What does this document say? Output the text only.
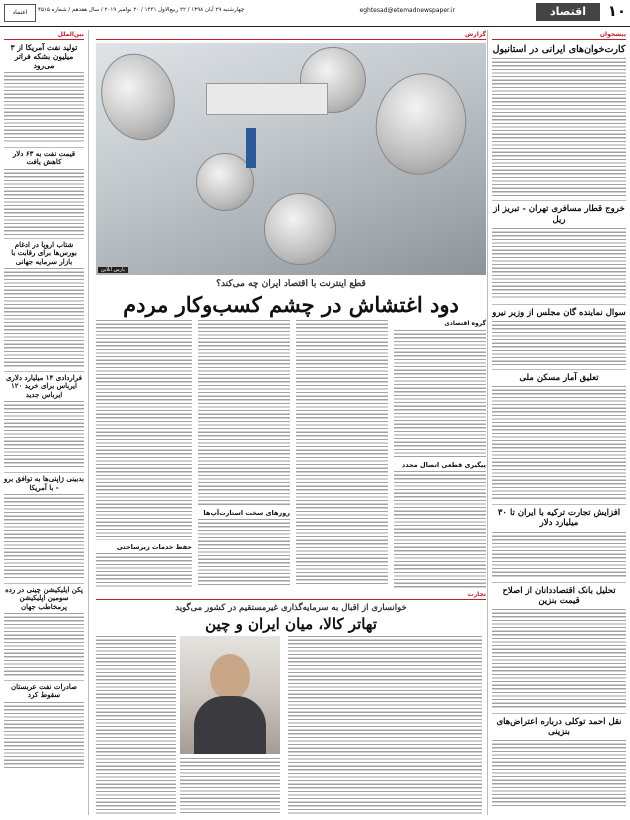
۱۰
اقتصاد
eghtesad@etemadnewspaper.ir
چهارشنبه ۲۹ آبان ۱۳۹۸ / ۲۲ ربیع‌الاول ۱۴۴۱ / ۲۰ نوامبر ۲۰۱۹ / سال هفدهم / شماره ۴۵۱۵
اعتماد
پیشخوان
کارت‌خوان‌های ایرانی در استانبول
خروج قطار مسافری تهران - تبریز از ریل
سوال نماینده گان مجلس از وزیر نیرو
تعلیق آمار مسکن ملی
افزایش تجارت ترکیه با ایران تا ۳۰ میلیارد دلار
تحلیل بانک اقتصاددانان از اصلاح قیمت بنزین
نقل احمد توکلی درباره اعتراض‌های بنزینی
گزارش
پارس آنلاین
قطع اینترنت با اقتصاد ایران چه می‌کند؟
دود اغتشاش در چشم کسب‌وکار مردم
گروه اقتصادی
پیگیری قطعی اتصال مجدد
روزهای سخت استارت‌آپ‌ها
حفظ خدمات زیرساختی
تجارت
خوانساری از اقبال به سرمایه‌گذاری غیرمستقیم در کشور می‌گوید
تهاتر کالا، میان ایران و چین
بین‌الملل
تولید نفت آمریکا از ۳ میلیون بشکه فراتر می‌رود
قیمت نفت به ۶۳ دلار کاهش یافت
شتاب اروپا در ادغام بورس‌ها برای رقابت با بازار سرمایه جهانی
فراردادی ۱۴ میلیارد دلاری ایرباس برای خرید ۱۲۰ ایرباس جدید
بدبینی ژاپنی‌ها به توافق برو - با آمریکا
پکن ایلیکیشن چینی در رده سومین اپلیکیشن پرمخاطب جهان
صادرات نفت عربستان سقوط کرد
